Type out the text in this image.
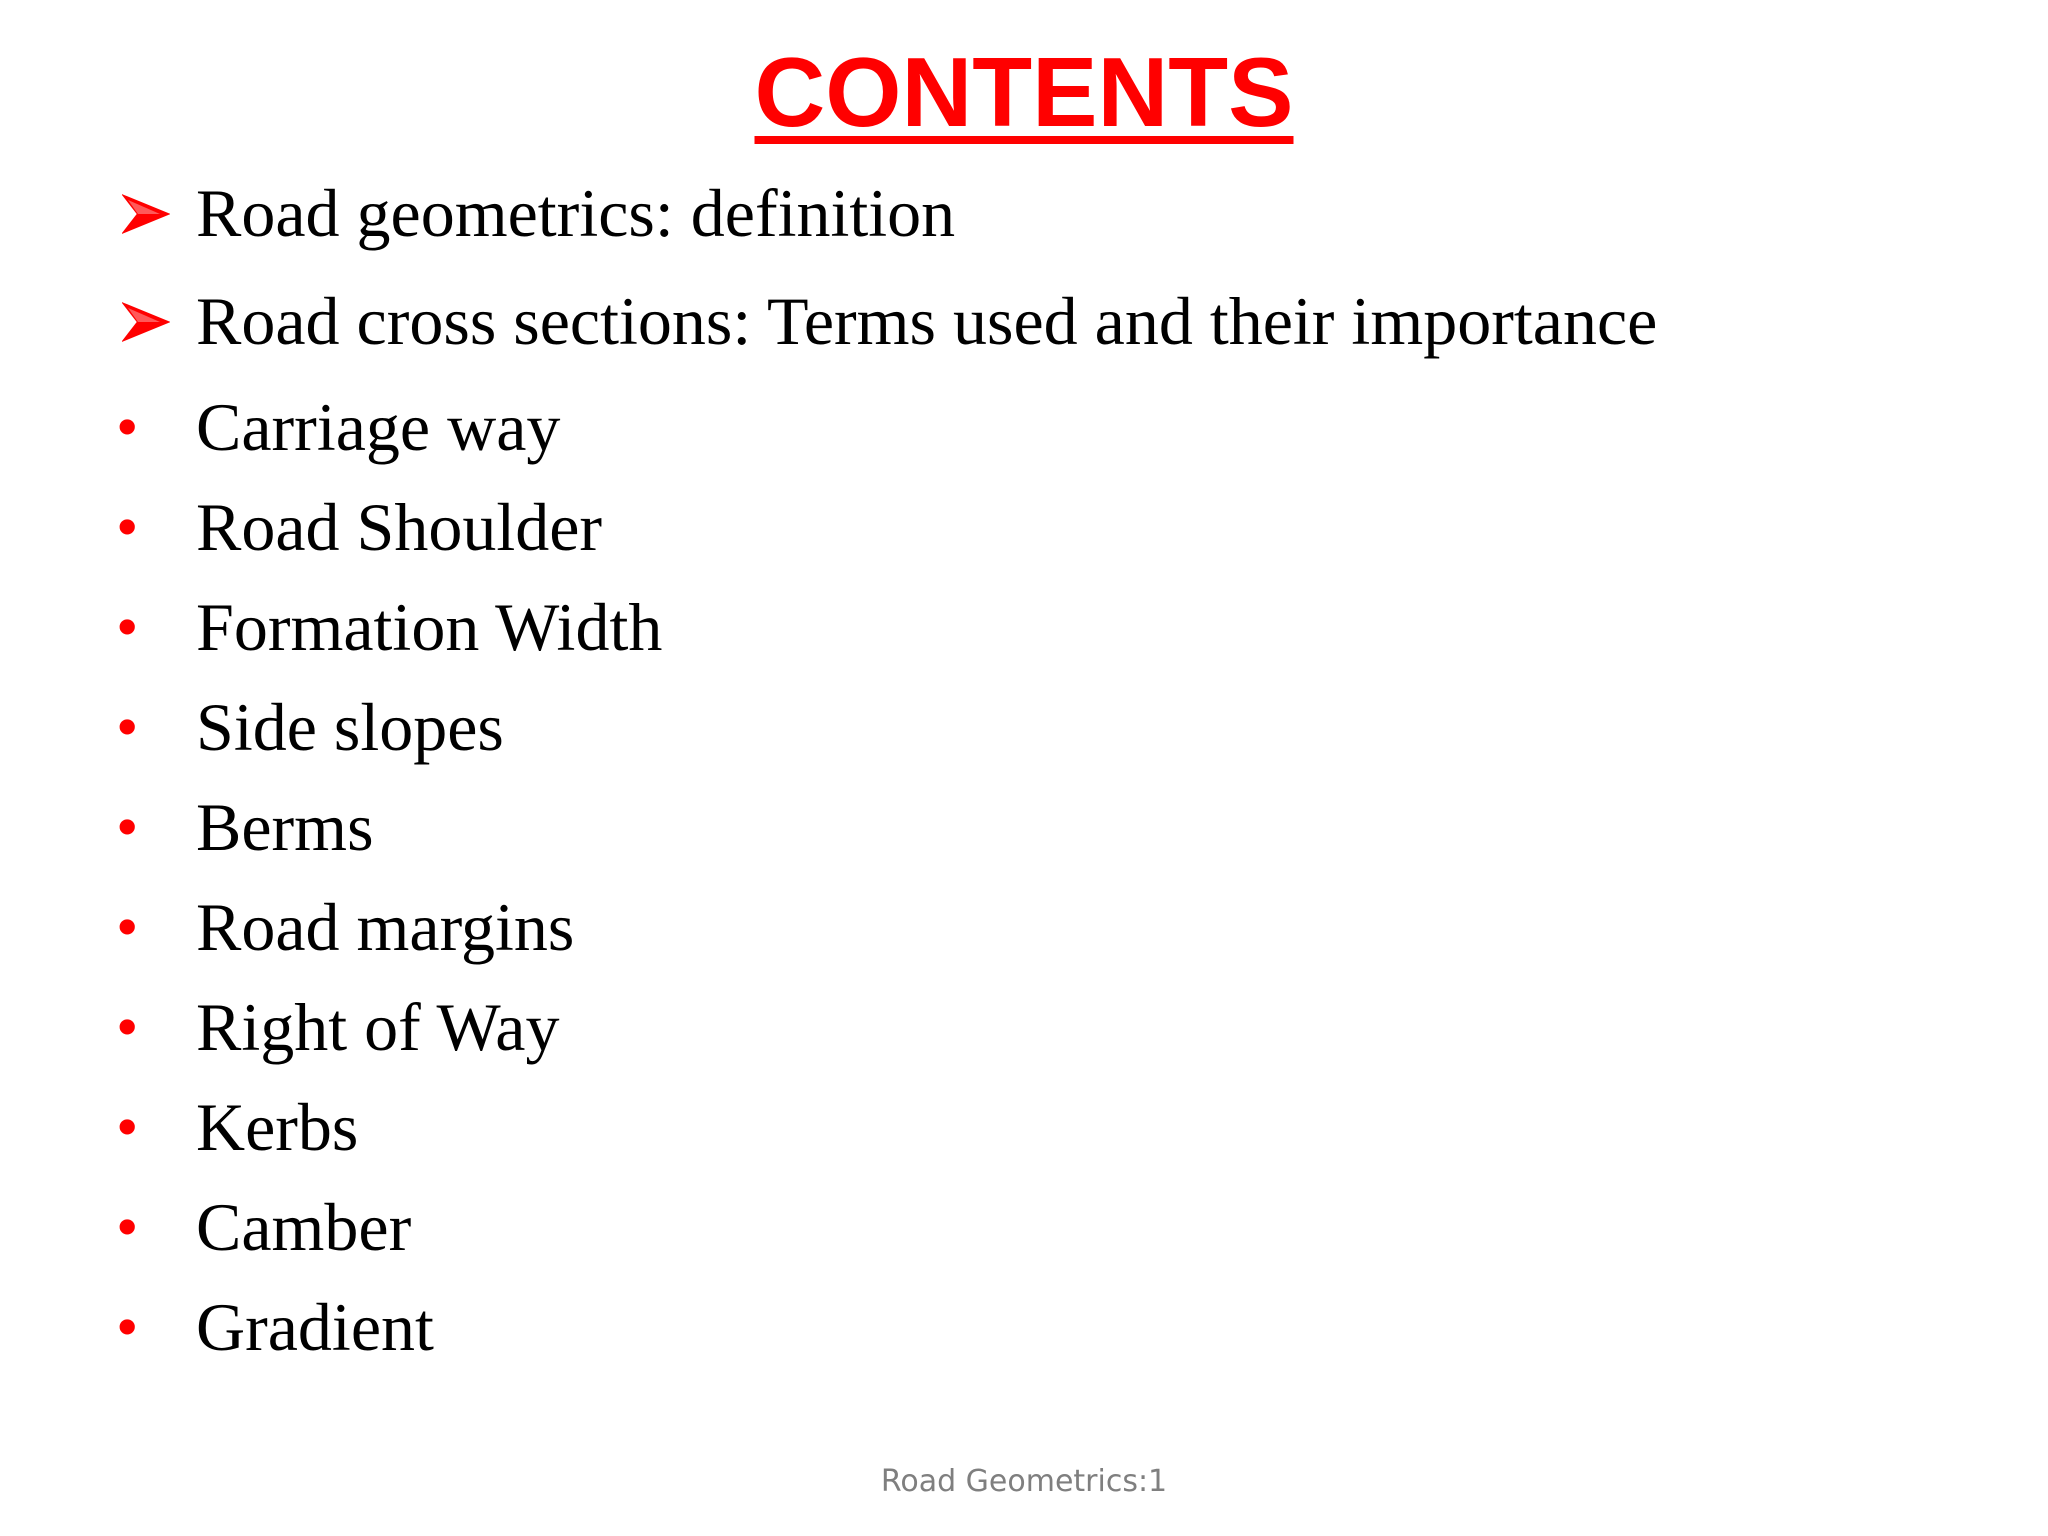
CONTENTS
Road geometrics: definition
Road cross sections: Terms used and their importance
• Carriage way
• Road Shoulder
• Formation Width
• Side slopes
• Berms
• Road margins
• Right of Way
• Kerbs
• Camber
• Gradient
Road Geometrics:1
